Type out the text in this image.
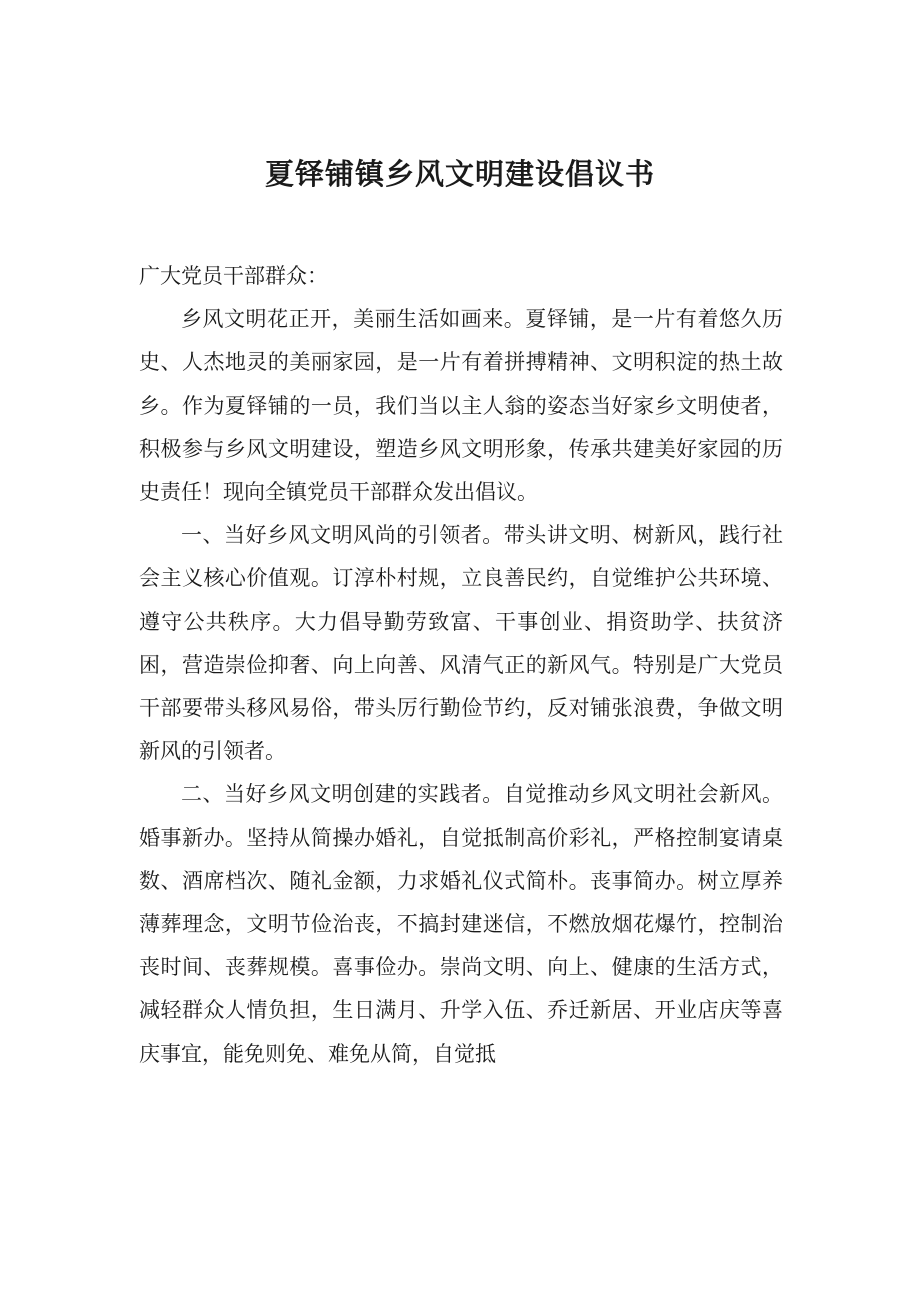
夏铎铺镇乡风文明建设倡议书

广大党员干部群众：

乡风文明花正开，美丽生活如画来。夏铎铺，是一片有着悠久历史、人杰地灵的美丽家园，是一片有着拼搏精神、文明积淀的热土故乡。作为夏铎铺的一员，我们当以主人翁的姿态当好家乡文明使者，积极参与乡风文明建设，塑造乡风文明形象，传承共建美好家园的历史责任！现向全镇党员干部群众发出倡议。

一、当好乡风文明风尚的引领者。带头讲文明、树新风，践行社会主义核心价值观。订淳朴村规，立良善民约，自觉维护公共环境、遵守公共秩序。大力倡导勤劳致富、干事创业、捐资助学、扶贫济困，营造崇俭抑奢、向上向善、风清气正的新风气。特别是广大党员干部要带头移风易俗，带头厉行勤俭节约，反对铺张浪费，争做文明新风的引领者。

二、当好乡风文明创建的实践者。自觉推动乡风文明社会新风。婚事新办。坚持从简操办婚礼，自觉抵制高价彩礼，严格控制宴请桌数、酒席档次、随礼金额，力求婚礼仪式简朴。丧事简办。树立厚养薄葬理念，文明节俭治丧，不搞封建迷信，不燃放烟花爆竹，控制治丧时间、丧葬规模。喜事俭办。崇尚文明、向上、健康的生活方式，减轻群众人情负担，生日满月、升学入伍、乔迁新居、开业店庆等喜庆事宜，能免则免、难免从简，自觉抵
